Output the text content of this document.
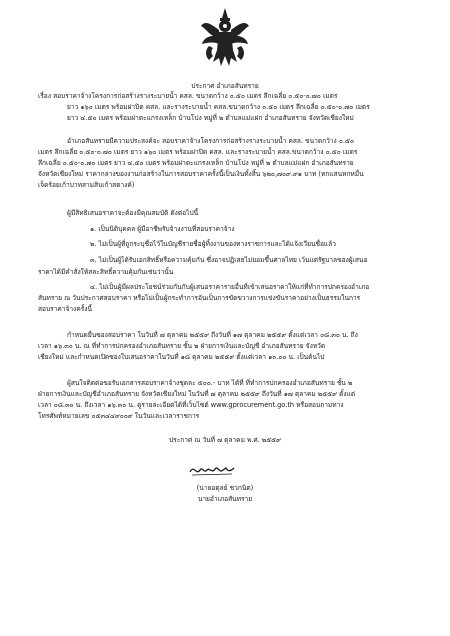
ประกาศ อำเภอสันทราย
เรื่อง สอบราคาจ้างโครงการก่อสร้างรางระบายน้ำ คสล. ขนาดกว้าง ๐.๕๐ เมตร ลึกเฉลี่ย ๐.๕๐-๐.๗๐ เมตร
ยาว ๑๖๐ เมตร พร้อมฝาปิด คสล. และรางระบายน้ำ คสล.ขนาดกว้าง ๐.๕๐ เมตร ลึกเฉลี่ย ๐.๕๐-๐.๗๐ เมตร
ยาว ๔.๕๐ เมตร พร้อมฝาตะแกรงเหล็ก บ้านโปง หมู่ที่ ๒ ตำบลแม่แฝก อำเภอสันทราย จังหวัดเชียงใหม่
อำเภอสันทรายมีความประสงค์จะ สอบราคาจ้างโครงการก่อสร้างรางระบายน้ำ คสล. ขนาดกว้าง ๐.๕๐
เมตร ลึกเฉลี่ย ๐.๕๐-๐.๗๐ เมตร ยาว ๑๖๐ เมตร พร้อมฝาปิด คสล. และรางระบายน้ำ คสล.ขนาดกว้าง ๐.๕๐ เมตร
ลึกเฉลี่ย ๐.๕๐-๐.๗๐ เมตร ยาว ๔.๕๐ เมตร พร้อมฝาตะแกรงเหล็ก บ้านโปง หมู่ที่ ๒ ตำบลแม่แฝก อำเภอสันทราย
จังหวัดเชียงใหม่ ราคากลางของงานก่อสร้างในการสอบราคาครั้งนี้เป็นเงินทั้งสิ้น ๖๒๐,๗๐๙.๙๑ บาท (หกแสนหกหมื่น
เจ็ดร้อยเก้าบาทสามสิบเก้าสตางค์)
ผู้มีสิทธิเสนอราคาจะต้องมีคุณสมบัติ ดังต่อไปนี้
๑. เป็นนิติบุคคล ผู้มีอาชีพรับจ้างงานที่สอบราคาจ้าง
๒. ไม่เป็นผู้ที่ถูกระบุชื่อไว้ในบัญชีรายชื่อผู้ทิ้งงานของทางราชการและได้แจ้งเวียนชื่อแล้ว
๓. ไม่เป็นผู้ได้รับเอกสิทธิ์หรือความคุ้มกัน ซึ่งอาจปฏิเสธไม่ยอมขึ้นศาลไทย เว้นแต่รัฐบาลของผู้เสนอ
ราคาได้มีคำสั่งให้สละสิทธิ์ความคุ้มกันเช่นว่านั้น
๔. ไม่เป็นผู้มีผลประโยชน์ร่วมกันกับผู้เสนอราคารายอื่นที่เข้าเสนอราคาให้แก่ที่ทำการปกครองอำเภอ
สันทราย ณ วันประกาศสอบราคา หรือไม่เป็นผู้กระทำการอันเป็นการขัดขวางการแข่งขันราคาอย่างเป็นธรรมในการ
สอบราคาจ้างครั้งนี้
กำหนดยื่นซองสอบราคา ในวันที่ ๗ ตุลาคม ๒๕๕๙ ถึงวันที่ ๑๗ ตุลาคม ๒๕๕๙ ตั้งแต่เวลา ๐๘.๓๐ น. ถึง
เวลา ๑๖.๓๐ น. ณ ที่ทำการปกครองอำเภอสันทราย ชั้น ๒ ฝ่ายการเงินและบัญชี อำเภอสันทราย จังหวัด
เชียงใหม่ และกำหนดเปิดซองใบเสนอราคาในวันที่ ๑๘ ตุลาคม ๒๕๕๙ ตั้งแต่เวลา ๑๐.๐๐ น. เป็นต้นไป
ผู้สนใจติดต่อขอรับเอกสารสอบราคาจ้างชุดละ ๕๐๐.- บาท ได้ที่ ที่ทำการปกครองอำเภอสันทราย ชั้น ๒
ฝ่ายการเงินและบัญชีอำเภอสันทราย จังหวัดเชียงใหม่ ในวันที่ ๗ ตุลาคม ๒๕๕๙ ถึงวันที่ ๑๗ ตุลาคม ๒๕๕๙ ตั้งแต่
เวลา ๐๘.๓๐ น. ถึงเวลา ๑๖.๓๐ น. ดูรายละเอียดได้ที่เว็บไซต์ www.gprocurement.go.th หรือสอบถามทาง
โทรศัพท์หมายเลข ๐๕๓๔๔๙๐๐๙ ในวันและเวลาราชการ
ประกาศ ณ วันที่ ๗ ตุลาคม พ.ศ. ๒๕๕๙
(นายอดุลย์ ชวกนิต)
นายอำเภอสันทราย
